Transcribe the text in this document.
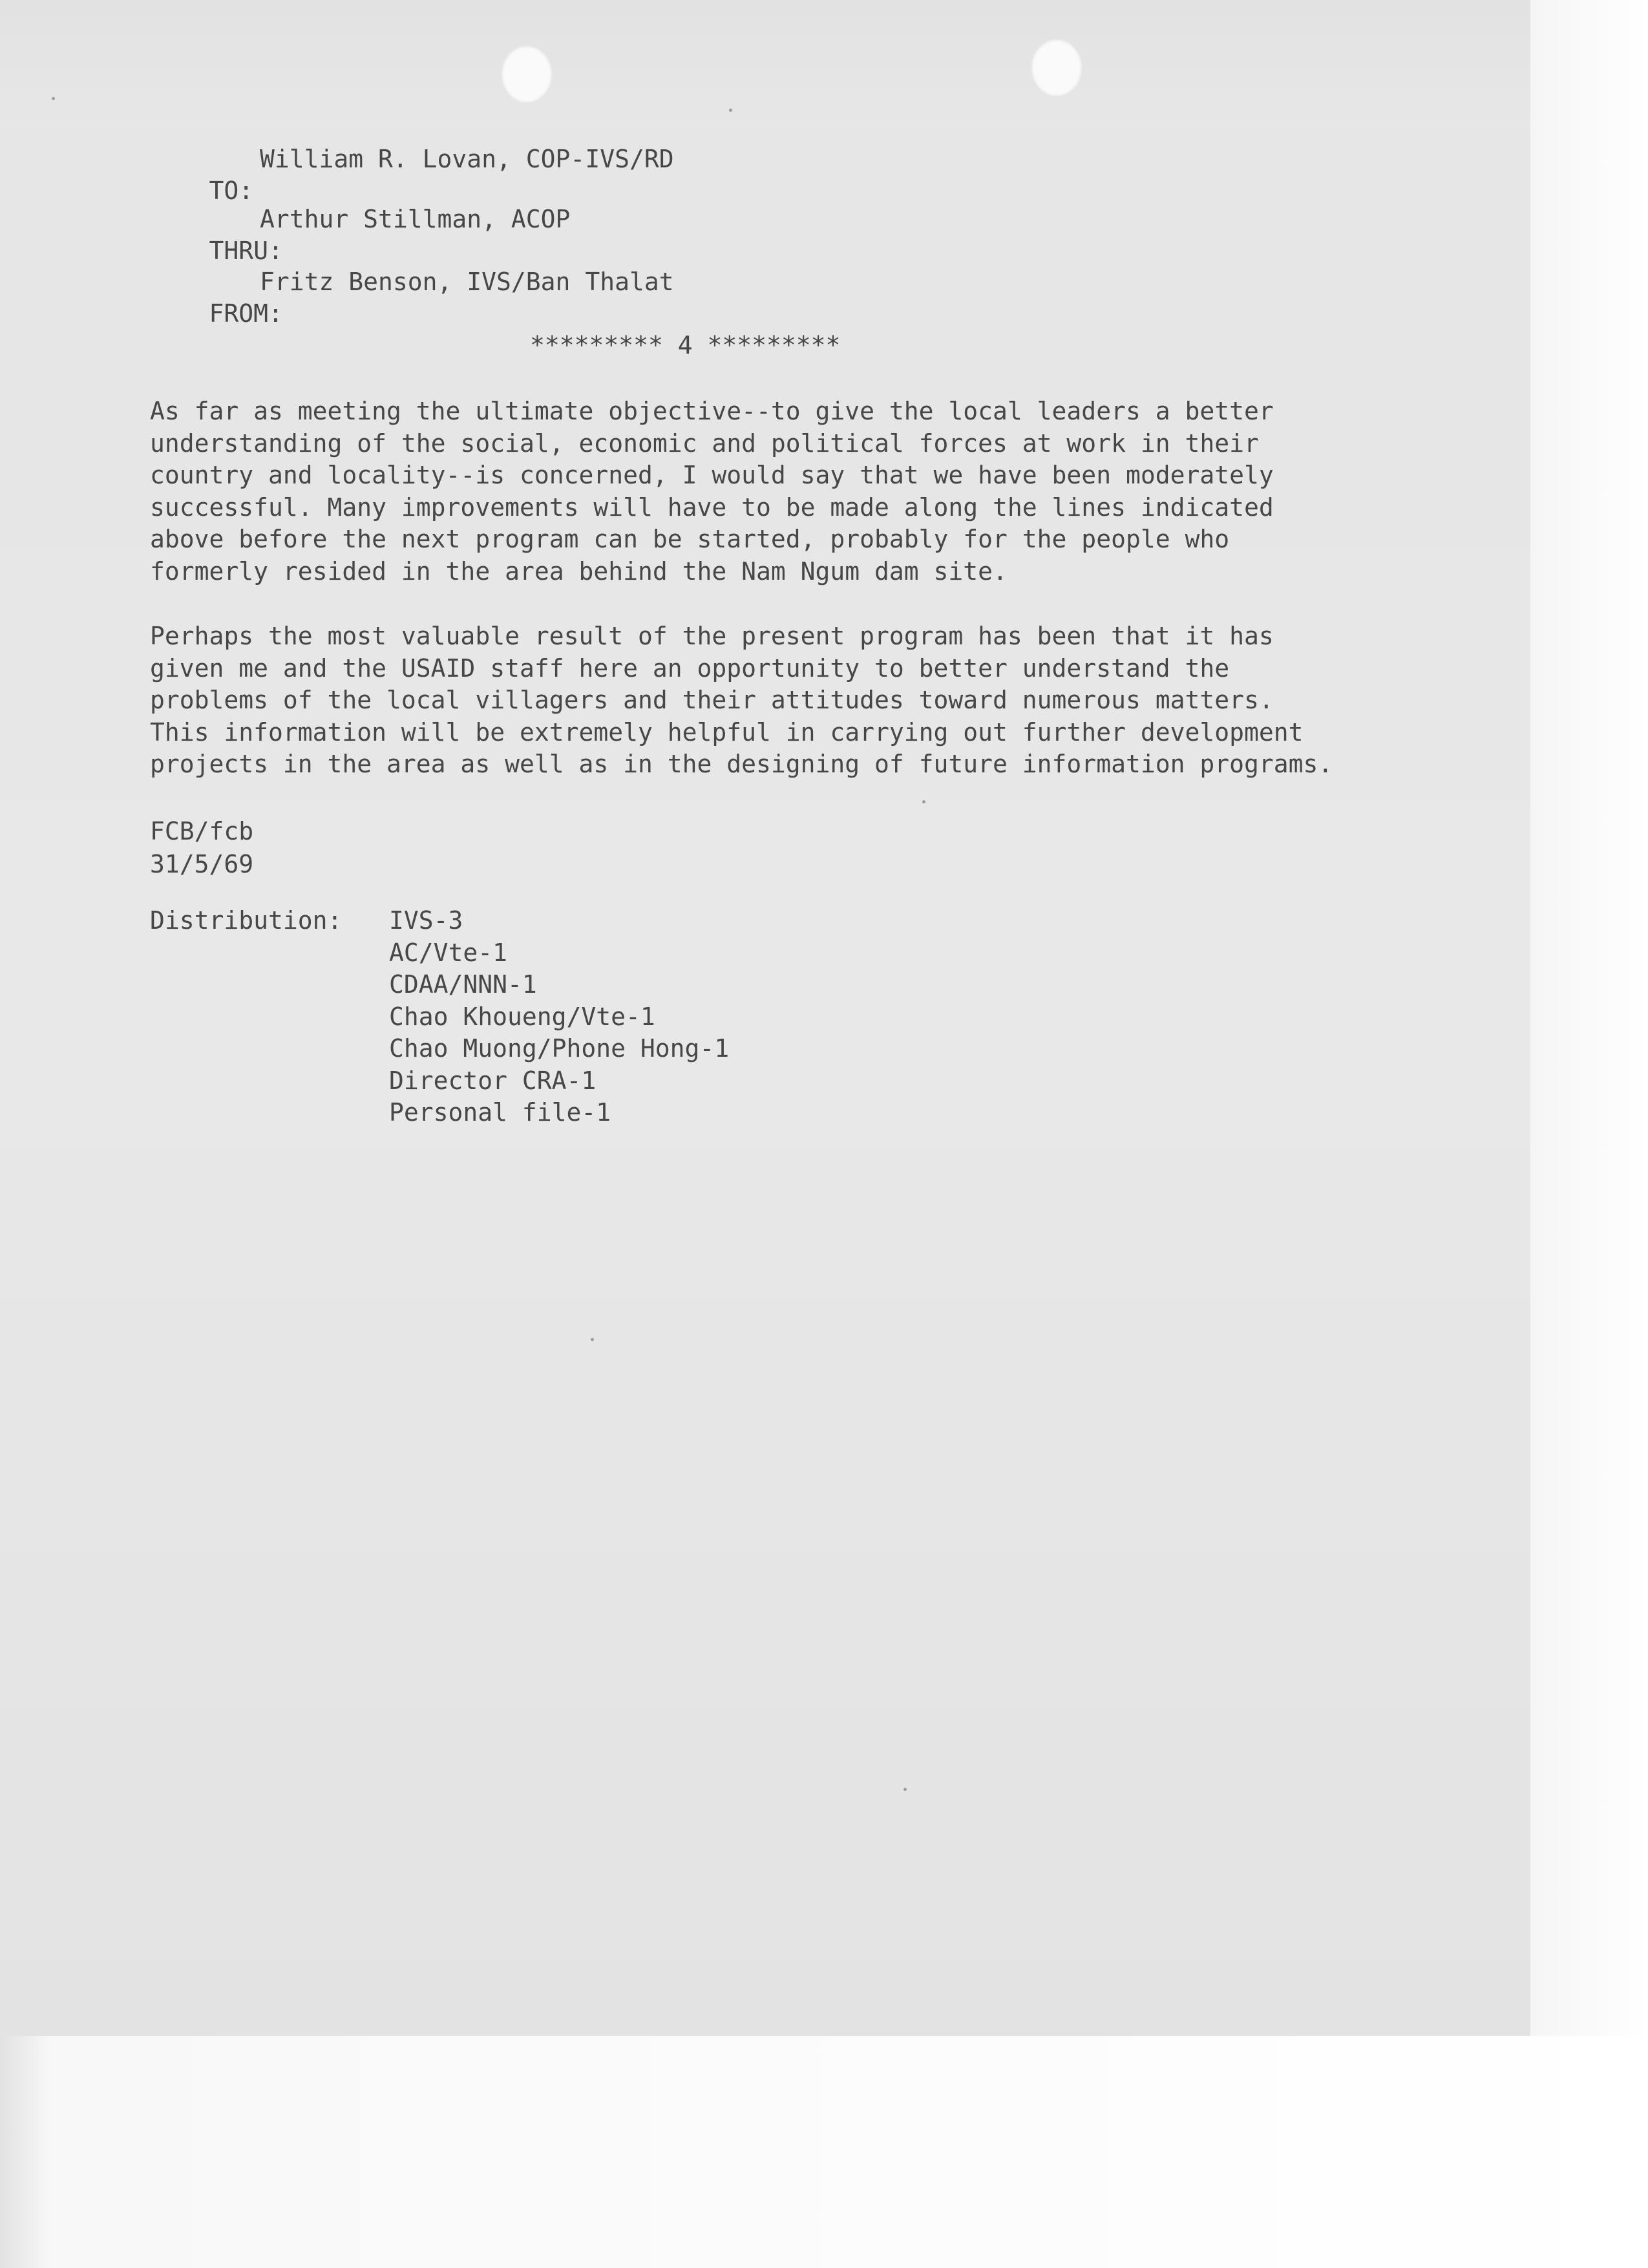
TO:

William R. Lovan, COP-IVS/RD

THRU:

Arthur Stillman, ACOP

FROM:

Fritz Benson, IVS/Ban Thalat

********* 4 *********

As far as meeting the ultimate objective--to give the local leaders a better
understanding of the social, economic and political forces at work in their
country and locality--is concerned, I would say that we have been moderately
successful. Many improvements will have to be made along the lines indicated
above before the next program can be started, probably for the people who
formerly resided in the area behind the Nam Ngum dam site.

Perhaps the most valuable result of the present program has been that it has
given me and the USAID staff here an opportunity to better understand the
problems of the local villagers and their attitudes toward numerous matters.
This information will be extremely helpful in carrying out further development
projects in the area as well as in the designing of future information programs.

FCB/fcb
31/5/69
Distribution: IVS-3
AC/Vte-1
CDAA/NNN-1
Chao Khoueng/Vte-1
Chao Muong/Phone Hong-1
Director CRA-1
Personal file-1
